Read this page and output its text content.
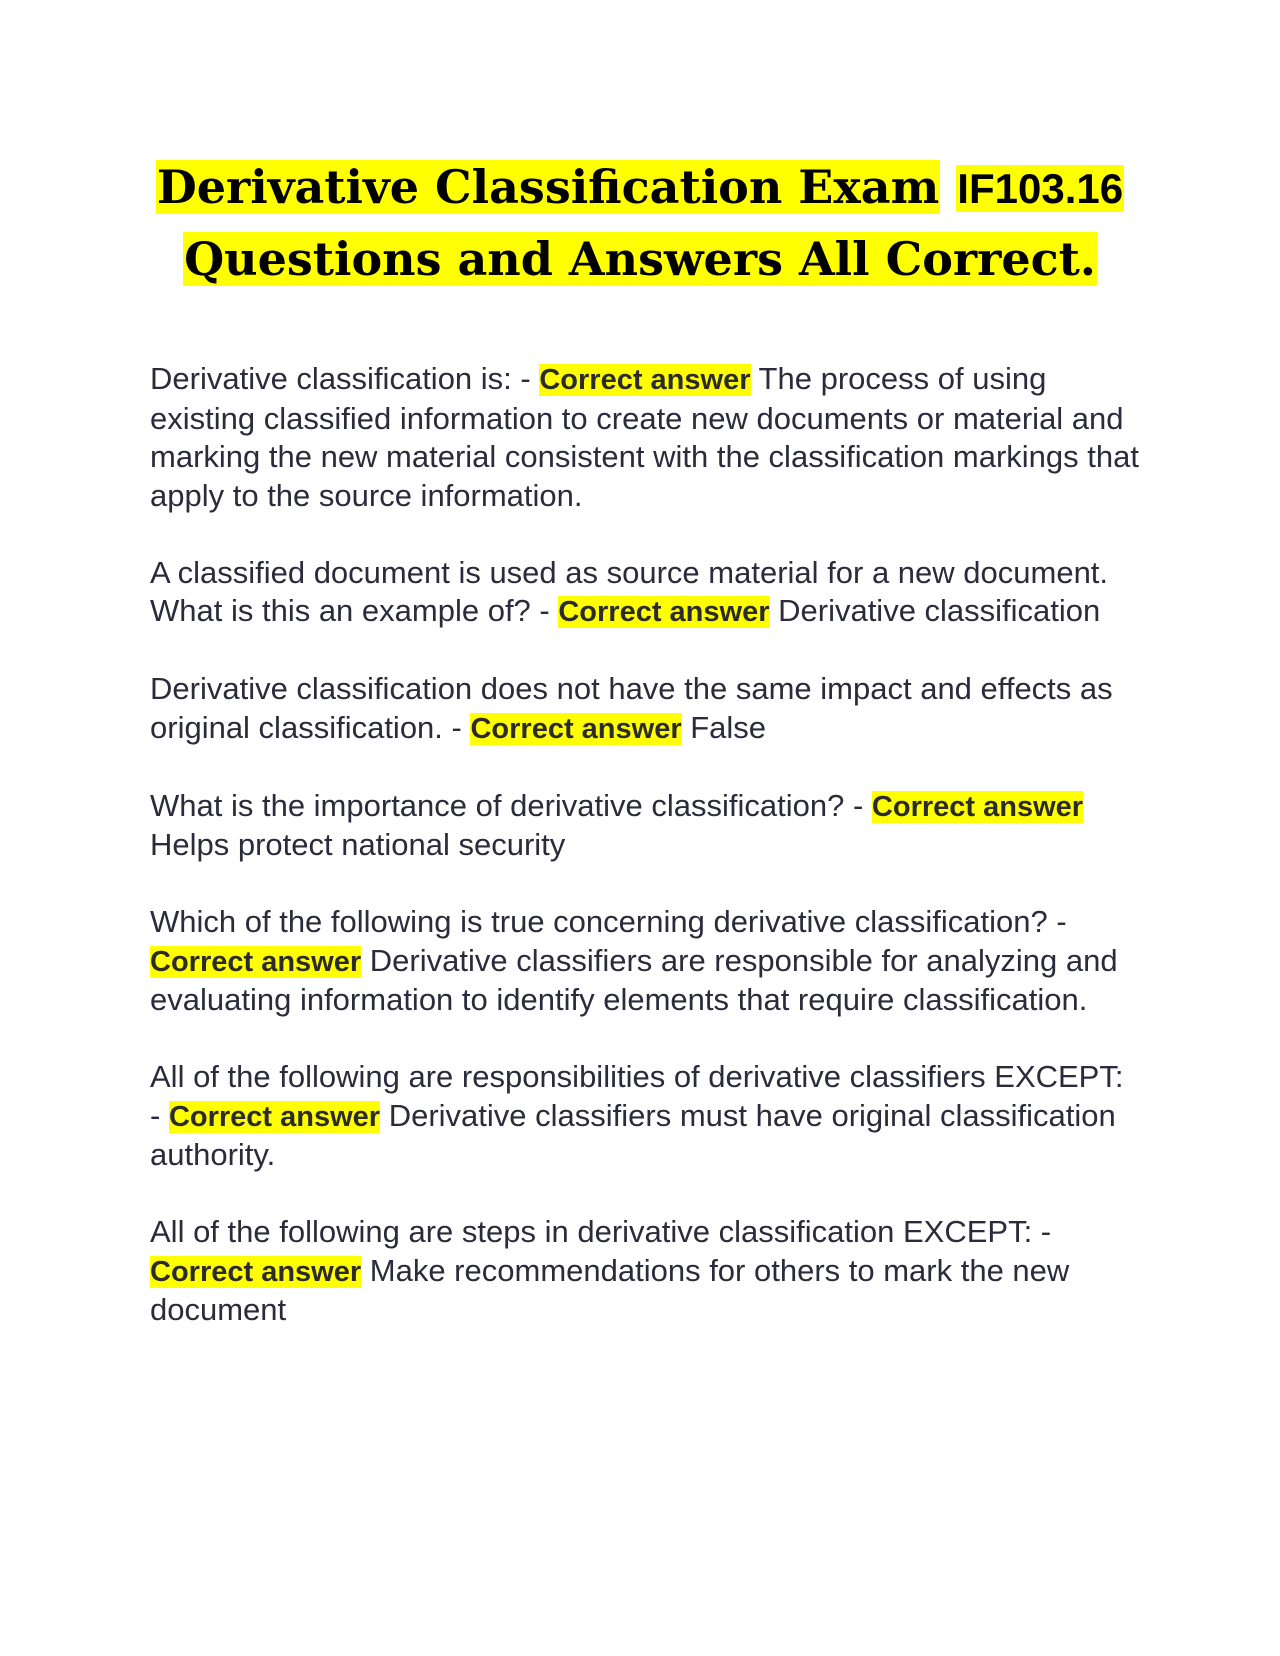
Derivative Classification Exam IF103.16
Questions and Answers All Correct.

Derivative classification is: - Correct answer The process of using existing classified information to create new documents or material and marking the new material consistent with the classification markings that apply to the source information.

A classified document is used as source material for a new document. What is this an example of? - Correct answer Derivative classification

Derivative classification does not have the same impact and effects as original classification. - Correct answer False

What is the importance of derivative classification? - Correct answer Helps protect national security

Which of the following is true concerning derivative classification? - Correct answer Derivative classifiers are responsible for analyzing and evaluating information to identify elements that require classification.

All of the following are responsibilities of derivative classifiers EXCEPT: - Correct answer Derivative classifiers must have original classification authority.

All of the following are steps in derivative classification EXCEPT: - Correct answer Make recommendations for others to mark the new document
